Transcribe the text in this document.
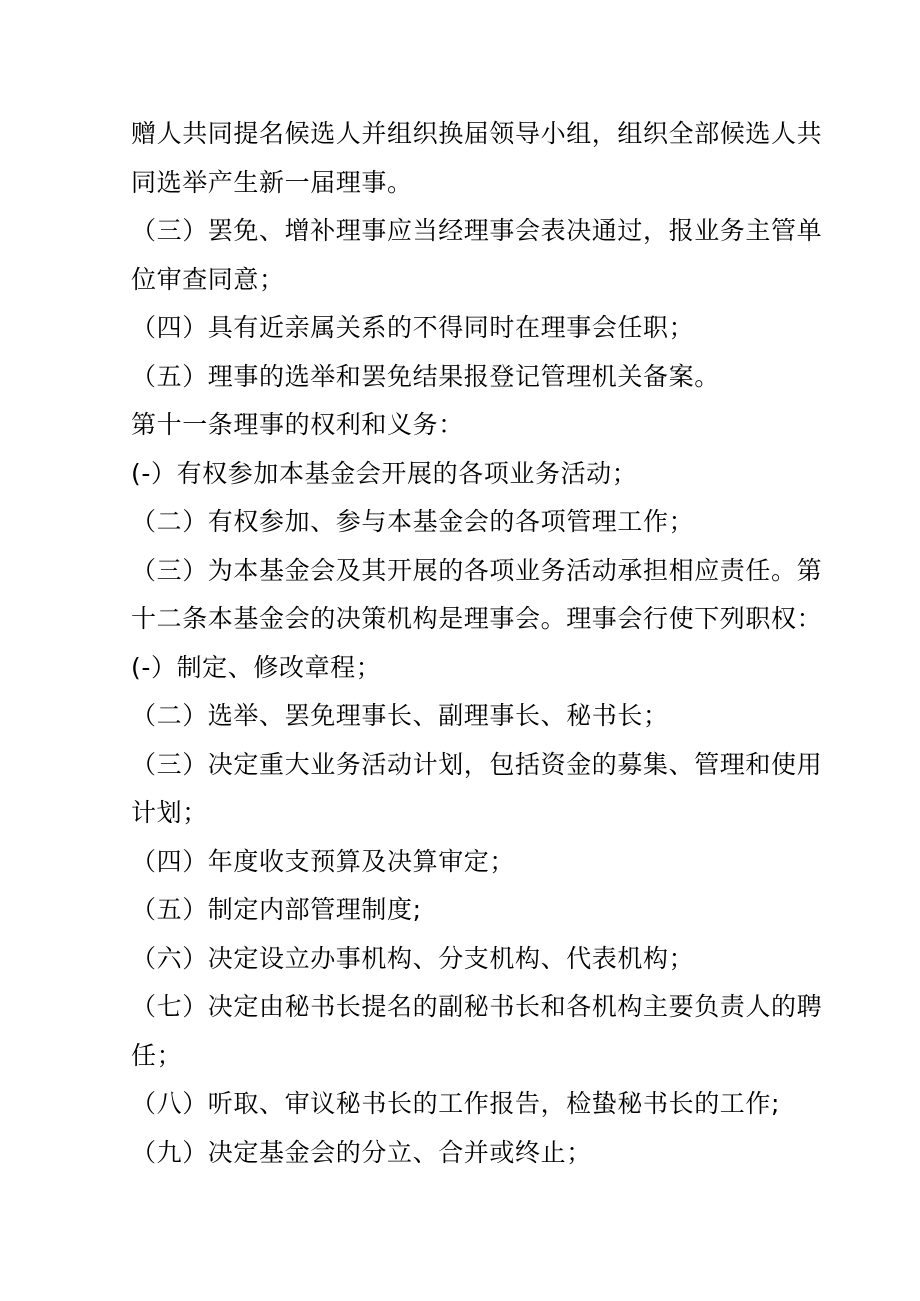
赠人共同提名候选人并组织换届领导小组，组织全部候选人共
同选举产生新一届理事。
（三）罢免、增补理事应当经理事会表决通过，报业务主管单
位审查同意；
（四）具有近亲属关系的不得同时在理事会任职；
（五）理事的选举和罢免结果报登记管理机关备案。
第十一条理事的权利和义务：
(-）有权参加本基金会开展的各项业务活动；
（二）有权参加、参与本基金会的各项管理工作；
（三）为本基金会及其开展的各项业务活动承担相应责任。第
十二条本基金会的决策机构是理事会。理事会行使下列职权：
(-）制定、修改章程；
（二）选举、罢免理事长、副理事长、秘书长；
（三）决定重大业务活动计划，包括资金的募集、管理和使用
计划；
（四）年度收支预算及决算审定；
（五）制定内部管理制度;
（六）决定设立办事机构、分支机构、代表机构；
（七）决定由秘书长提名的副秘书长和各机构主要负责人的聘
任；
（八）听取、审议秘书长的工作报告，检蛰秘书长的工作;
（九）决定基金会的分立、合并或终止；
